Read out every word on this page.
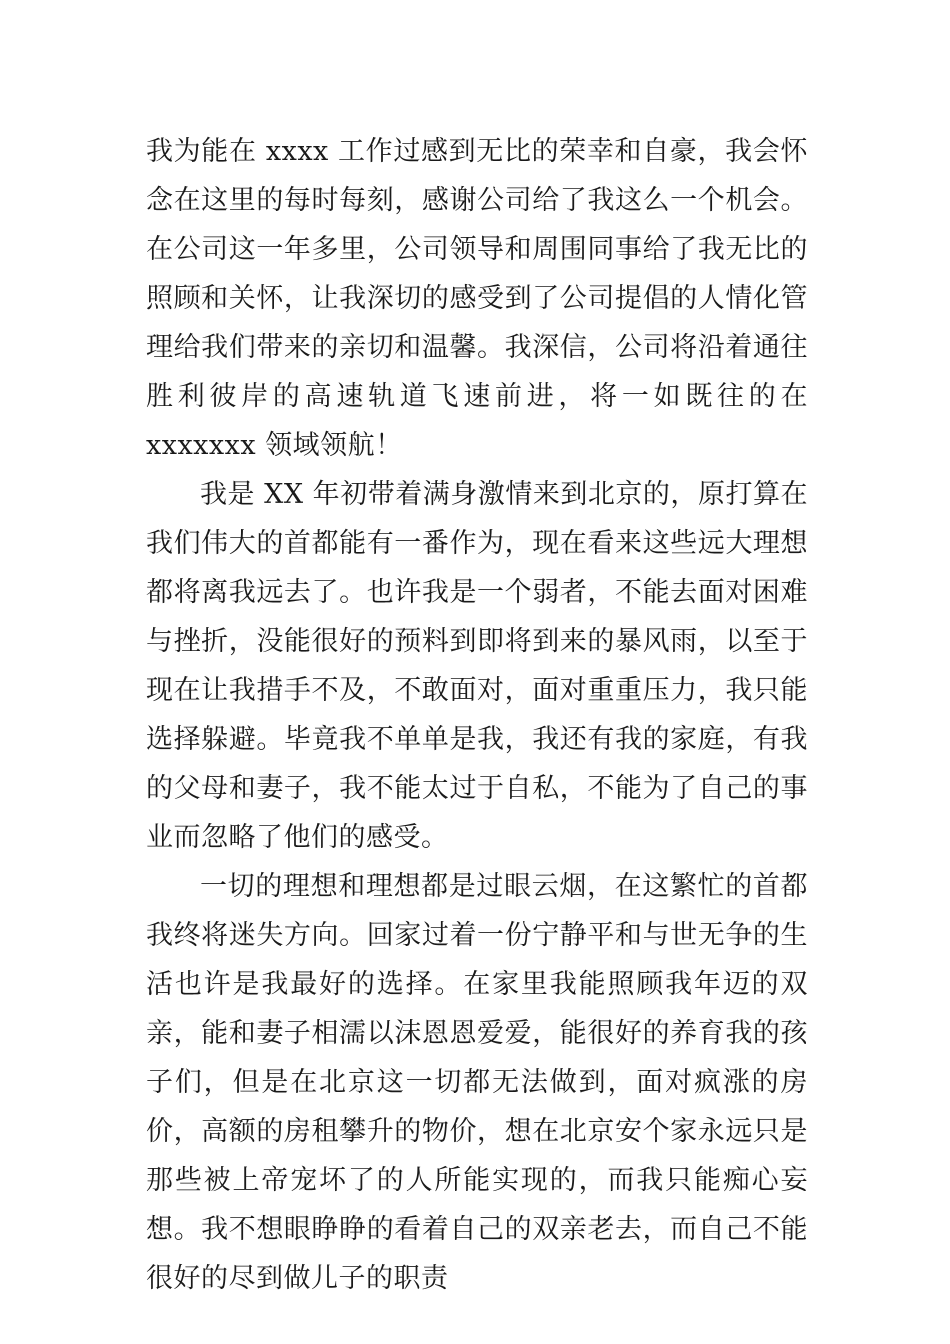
我为能在 xxxx 工作过感到无比的荣幸和自豪，我会怀念在这里的每时每刻，感谢公司给了我这么一个机会。在公司这一年多里，公司领导和周围同事给了我无比的照顾和关怀，让我深切的感受到了公司提倡的人情化管理给我们带来的亲切和温馨。我深信，公司将沿着通往胜利彼岸的高速轨道飞速前进，将一如既往的在 xxxxxxx 领域领航！

我是 XX 年初带着满身激情来到北京的，原打算在我们伟大的首都能有一番作为，现在看来这些远大理想都将离我远去了。也许我是一个弱者，不能去面对困难与挫折，没能很好的预料到即将到来的暴风雨，以至于现在让我措手不及，不敢面对，面对重重压力，我只能选择躲避。毕竟我不单单是我，我还有我的家庭，有我的父母和妻子，我不能太过于自私，不能为了自己的事业而忽略了他们的感受。

一切的理想和理想都是过眼云烟，在这繁忙的首都我终将迷失方向。回家过着一份宁静平和与世无争的生活也许是我最好的选择。在家里我能照顾我年迈的双亲，能和妻子相濡以沫恩恩爱爱，能很好的养育我的孩子们，但是在北京这一切都无法做到，面对疯涨的房价，高额的房租攀升的物价，想在北京安个家永远只是那些被上帝宠坏了的人所能实现的，而我只能痴心妄想。我不想眼睁睁的看着自己的双亲老去，而自己不能很好的尽到做儿子的职责
